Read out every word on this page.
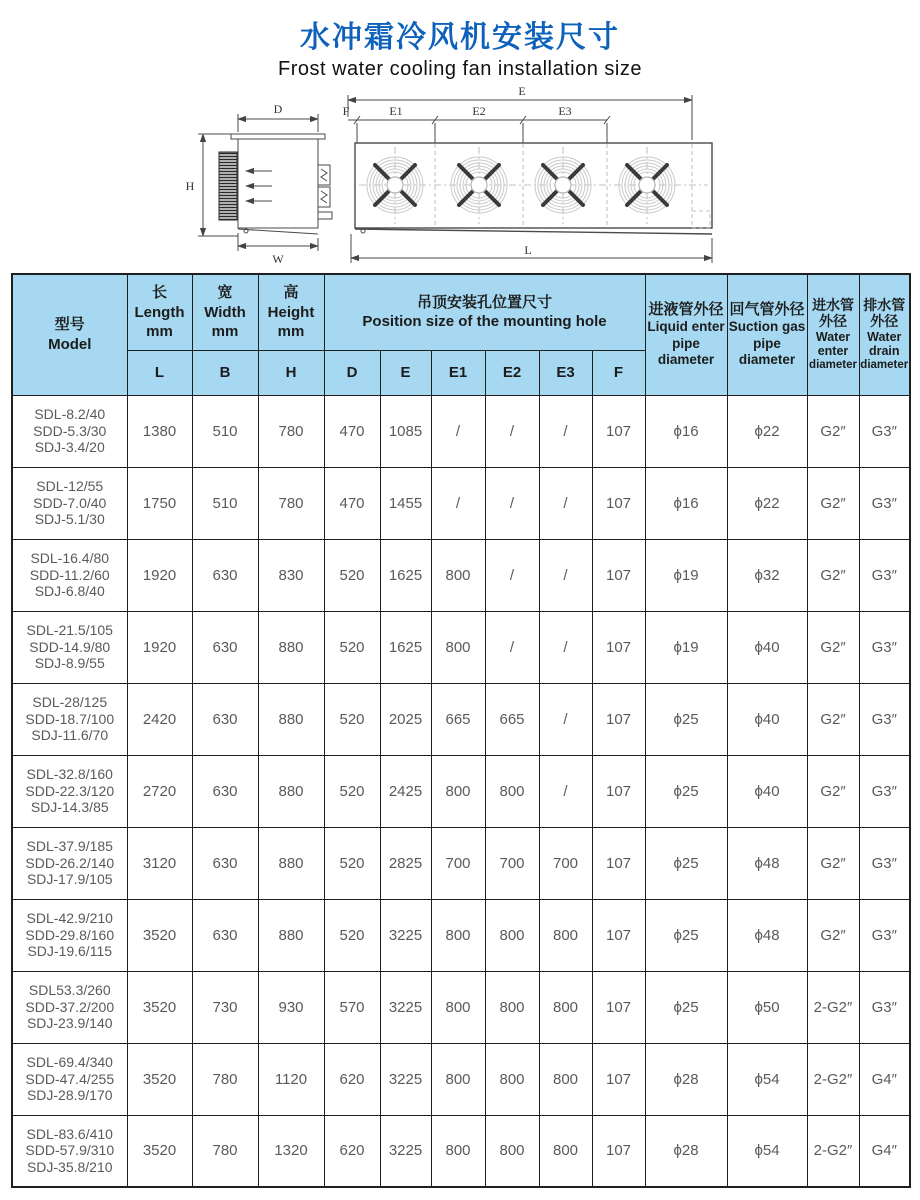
水冲霜冷风机安装尺寸
Frost water cooling fan installation size
D
H
W
E
F	E1	E2	E3
L
型号
Model

长
Length
mm

宽
Width
mm

高
Height
mm

吊顶安装孔位置尺寸
Position size of the mounting hole

进液管外径
Liquid enter
pipe diameter

回气管外径
Suction gas
pipe diameter

进水管
外径
Water
enter
diameter

排水管
外径
Water
drain
diameter

	L	B	H	D	E	E1	E2	E3	F				

SDL-8.2/40
SDD-5.3/30
SDJ-3.4/20	1380	510	780	470	1085	/	/	/	107	ϕ16	ϕ22	G2″	G3″

SDL-12/55
SDD-7.0/40
SDJ-5.1/30	1750	510	780	470	1455	/	/	/	107	ϕ16	ϕ22	G2″	G3″

SDL-16.4/80
SDD-11.2/60
SDJ-6.8/40	1920	630	830	520	1625	800	/	/	107	ϕ19	ϕ32	G2″	G3″

SDL-21.5/105
SDD-14.9/80
SDJ-8.9/55	1920	630	880	520	1625	800	/	/	107	ϕ19	ϕ40	G2″	G3″

SDL-28/125
SDD-18.7/100
SDJ-11.6/70	2420	630	880	520	2025	665	665	/	107	ϕ25	ϕ40	G2″	G3″

SDL-32.8/160
SDD-22.3/120
SDJ-14.3/85	2720	630	880	520	2425	800	800	/	107	ϕ25	ϕ40	G2″	G3″

SDL-37.9/185
SDD-26.2/140
SDJ-17.9/105	3120	630	880	520	2825	700	700	700	107	ϕ25	ϕ48	G2″	G3″

SDL-42.9/210
SDD-29.8/160
SDJ-19.6/115	3520	630	880	520	3225	800	800	800	107	ϕ25	ϕ48	G2″	G3″

SDL53.3/260
SDD-37.2/200
SDJ-23.9/140	3520	730	930	570	3225	800	800	800	107	ϕ25	ϕ50	2-G2″	G3″

SDL-69.4/340
SDD-47.4/255
SDJ-28.9/170	3520	780	1120	620	3225	800	800	800	107	ϕ28	ϕ54	2-G2″	G4″

SDL-83.6/410
SDD-57.9/310
SDJ-35.8/210	3520	780	1320	620	3225	800	800	800	107	ϕ28	ϕ54	2-G2″	G4″
